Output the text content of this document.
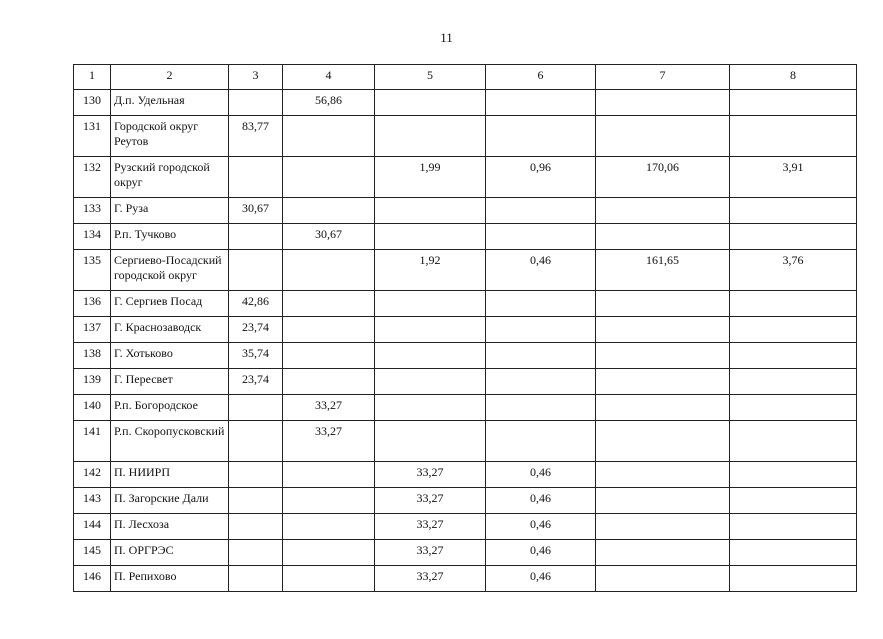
11
1	2	3	4	5	6	7	8
130	Д.п. Удельная		56,86				
131	Городской округ Реутов	83,77					
132	Рузский городской округ			1,99	0,96	170,06	3,91
133	Г. Руза	30,67					
134	Р.п. Тучково		30,67				
135	Сергиево-Посадский городской округ			1,92	0,46	161,65	3,76
136	Г. Сергиев Посад	42,86					
137	Г. Краснозаводск	23,74					
138	Г. Хотьково	35,74					
139	Г. Пересвет	23,74					
140	Р.п. Богородское		33,27				
141	Р.п. Скоропусковский		33,27				
142	П. НИИРП			33,27	0,46		
143	П. Загорские Дали			33,27	0,46		
144	П. Лесхоза			33,27	0,46		
145	П. ОРГРЭС			33,27	0,46		
146	П. Репихово			33,27	0,46		
